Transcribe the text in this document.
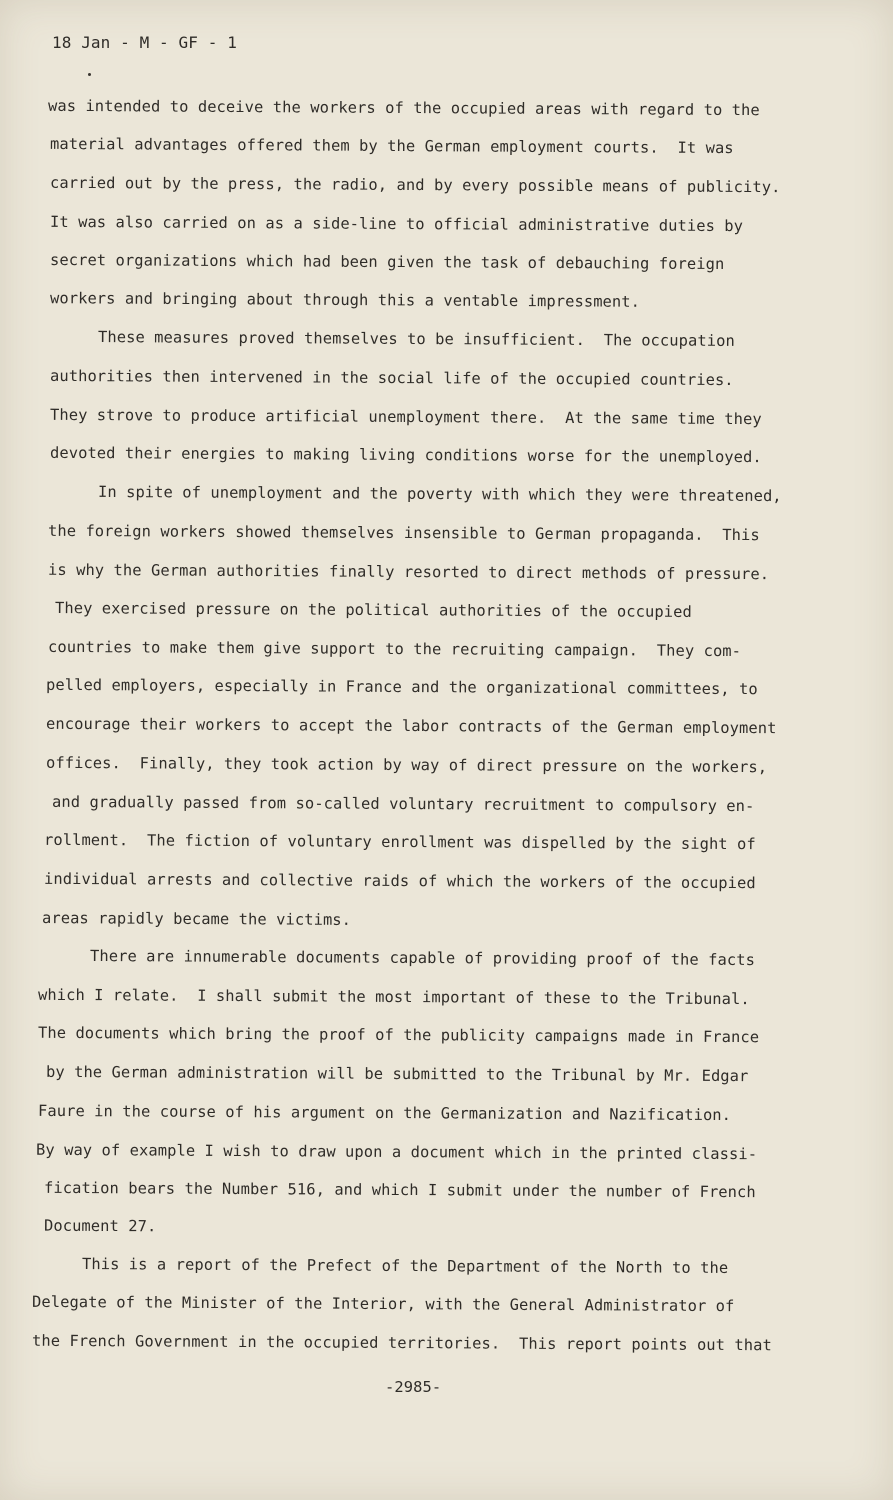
18 Jan - M - GF - 1
was intended to deceive the workers of the occupied areas with regard to the
material advantages offered them by the German employment courts.  It was
carried out by the press, the radio, and by every possible means of publicity.
It was also carried on as a side-line to official administrative duties by
secret organizations which had been given the task of debauching foreign
workers and bringing about through this a ventable impressment.
These measures proved themselves to be insufficient.  The occupation
authorities then intervened in the social life of the occupied countries.
They strove to produce artificial unemployment there.  At the same time they
devoted their energies to making living conditions worse for the unemployed.
In spite of unemployment and the poverty with which they were threatened,
the foreign workers showed themselves insensible to German propaganda.  This
is why the German authorities finally resorted to direct methods of pressure.
They exercised pressure on the political authorities of the occupied
countries to make them give support to the recruiting campaign.  They com-
pelled employers, especially in France and the organizational committees, to
encourage their workers to accept the labor contracts of the German employment
offices.  Finally, they took action by way of direct pressure on the workers,
and gradually passed from so-called voluntary recruitment to compulsory en-
rollment.  The fiction of voluntary enrollment was dispelled by the sight of
individual arrests and collective raids of which the workers of the occupied
areas rapidly became the victims.
There are innumerable documents capable of providing proof of the facts
which I relate.  I shall submit the most important of these to the Tribunal.
The documents which bring the proof of the publicity campaigns made in France
by the German administration will be submitted to the Tribunal by Mr. Edgar
Faure in the course of his argument on the Germanization and Nazification.
By way of example I wish to draw upon a document which in the printed classi-
fication bears the Number 516, and which I submit under the number of French
Document 27.
This is a report of the Prefect of the Department of the North to the
Delegate of the Minister of the Interior, with the General Administrator of
the French Government in the occupied territories.  This report points out that
-2985-
